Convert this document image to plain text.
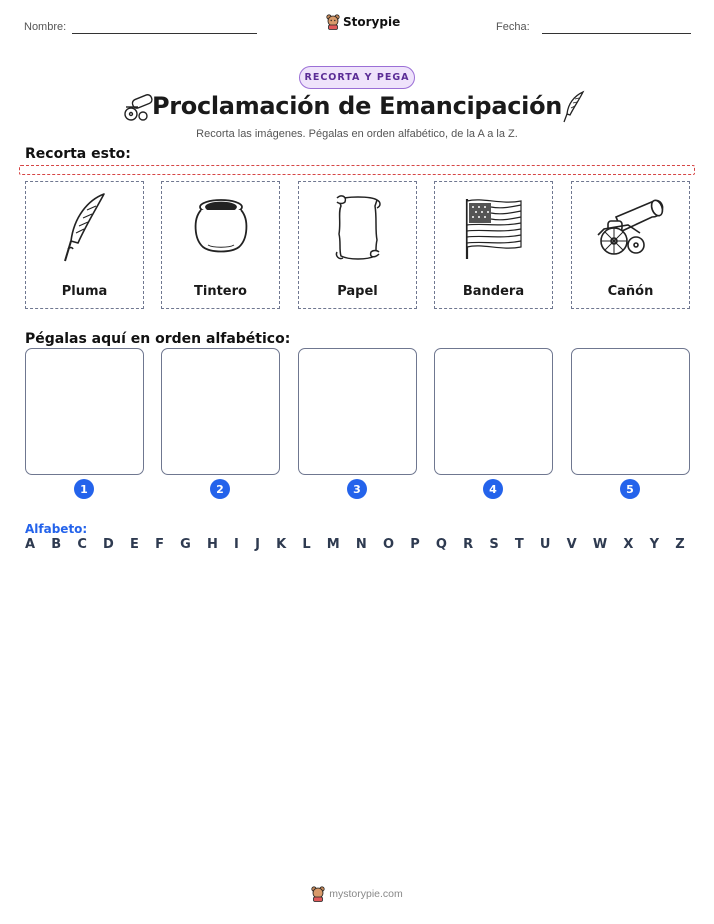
Nombre:	Storypie	Fecha:
RECORTA Y PEGA
Proclamación de Emancipación
Recorta las imágenes. Pégalas en orden alfabético, de la A a la Z.
Recorta esto:
Pluma	Tintero	Papel	Bandera	Cañón
Pégalas aquí en orden alfabético:
1	2	3	4	5
Alfabeto:
A B C D E F G H I J K L M N O P Q R S T U V W X Y Z
mystorypie.com
